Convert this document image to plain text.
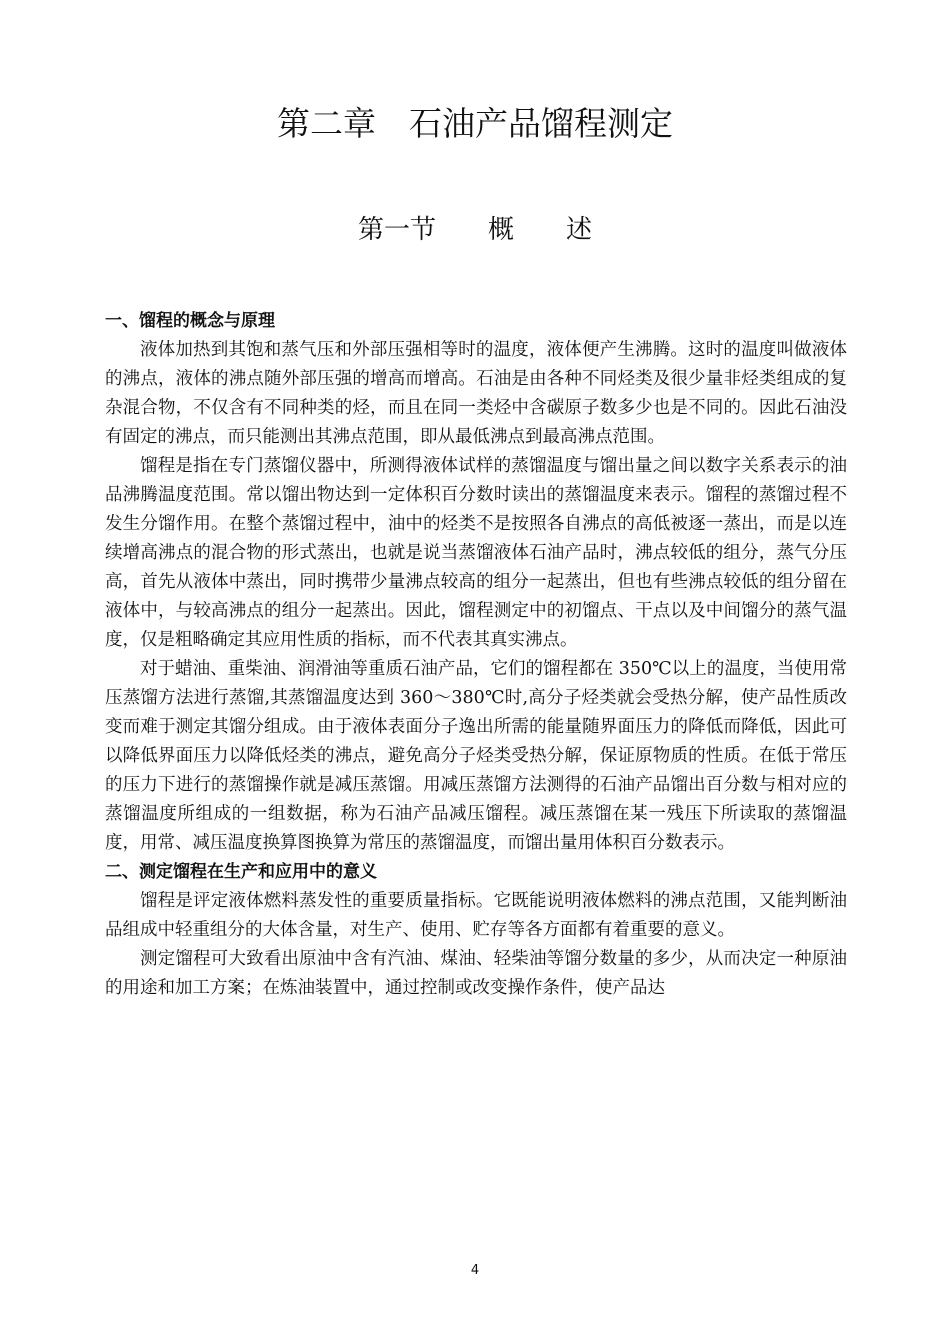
第二章　石油产品馏程测定
第一节　　概　　述

一、馏程的概念与原理

液体加热到其饱和蒸气压和外部压强相等时的温度，液体便产生沸腾。这时的温度叫做液体的沸点，液体的沸点随外部压强的增高而增高。石油是由各种不同烃类及很少量非烃类组成的复杂混合物，不仅含有不同种类的烃，而且在同一类烃中含碳原子数多少也是不同的。因此石油没有固定的沸点，而只能测出其沸点范围，即从最低沸点到最高沸点范围。

馏程是指在专门蒸馏仪器中，所测得液体试样的蒸馏温度与馏出量之间以数字关系表示的油品沸腾温度范围。常以馏出物达到一定体积百分数时读出的蒸馏温度来表示。馏程的蒸馏过程不发生分馏作用。在整个蒸馏过程中，油中的烃类不是按照各自沸点的高低被逐一蒸出，而是以连续增高沸点的混合物的形式蒸出，也就是说当蒸馏液体石油产品时，沸点较低的组分，蒸气分压高，首先从液体中蒸出，同时携带少量沸点较高的组分一起蒸出，但也有些沸点较低的组分留在液体中，与较高沸点的组分一起蒸出。因此，馏程测定中的初馏点、干点以及中间馏分的蒸气温度，仅是粗略确定其应用性质的指标，而不代表其真实沸点。

对于蜡油、重柴油、润滑油等重质石油产品，它们的馏程都在 350℃以上的温度，当使用常压蒸馏方法进行蒸馏,其蒸馏温度达到 360～380℃时,高分子烃类就会受热分解，使产品性质改变而难于测定其馏分组成。由于液体表面分子逸出所需的能量随界面压力的降低而降低，因此可以降低界面压力以降低烃类的沸点，避免高分子烃类受热分解，保证原物质的性质。在低于常压的压力下进行的蒸馏操作就是减压蒸馏。用减压蒸馏方法测得的石油产品馏出百分数与相对应的蒸馏温度所组成的一组数据，称为石油产品减压馏程。减压蒸馏在某一残压下所读取的蒸馏温度，用常、减压温度换算图换算为常压的蒸馏温度，而馏出量用体积百分数表示。

二、测定馏程在生产和应用中的意义

馏程是评定液体燃料蒸发性的重要质量指标。它既能说明液体燃料的沸点范围，又能判断油品组成中轻重组分的大体含量，对生产、使用、贮存等各方面都有着重要的意义。

测定馏程可大致看出原油中含有汽油、煤油、轻柴油等馏分数量的多少，从而决定一种原油的用途和加工方案；在炼油装置中，通过控制或改变操作条件，使产品达

4
